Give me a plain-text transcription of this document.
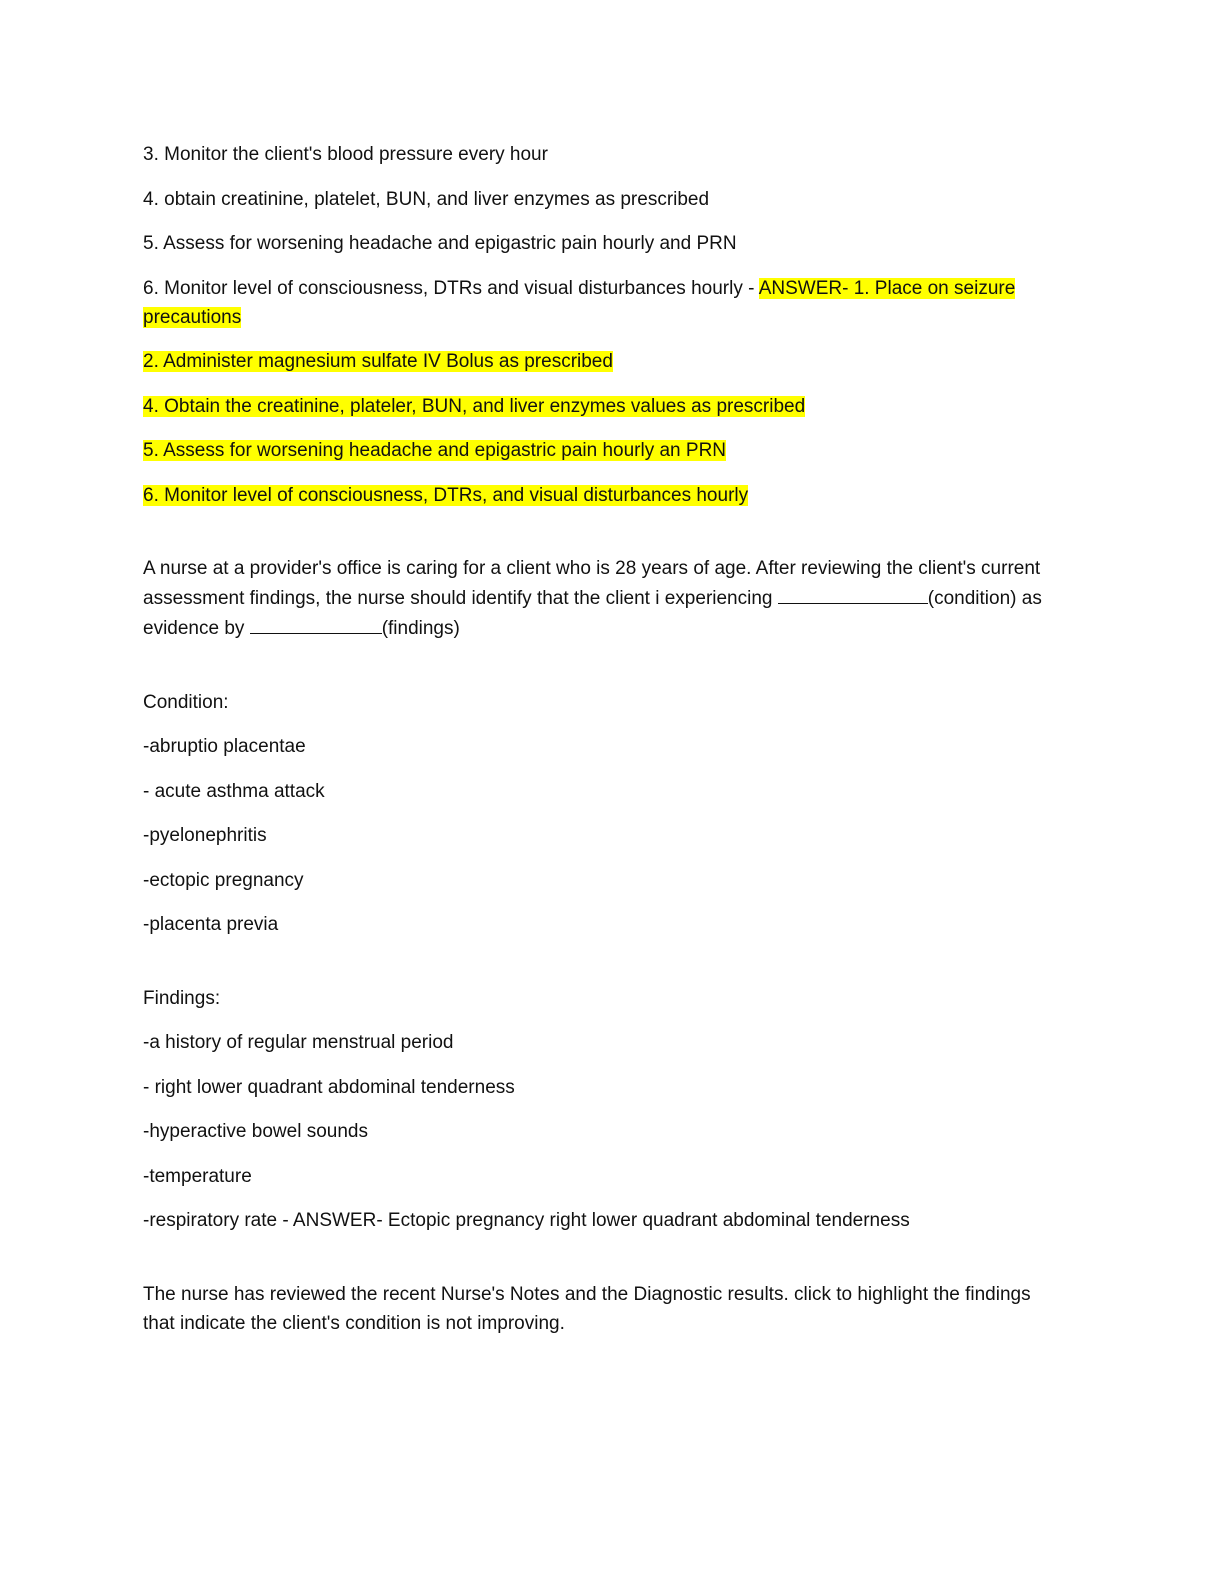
3. Monitor the client's blood pressure every hour

4. obtain creatinine, platelet, BUN, and liver enzymes as prescribed

5. Assess for worsening headache and epigastric pain hourly and PRN

6. Monitor level of consciousness, DTRs and visual disturbances hourly - ANSWER- 1. Place on seizure precautions

2. Administer magnesium sulfate IV Bolus as prescribed

4. Obtain the creatinine, plateler, BUN, and liver enzymes values as prescribed

5. Assess for worsening headache and epigastric pain hourly an PRN

6. Monitor level of consciousness, DTRs, and visual disturbances hourly

A nurse at a provider's office is caring for a client who is 28 years of age. After reviewing the client's current assessment findings, the nurse should identify that the client i experiencing	(condition) as evidence by	(findings)

Condition:

-abruptio placentae

- acute asthma attack

-pyelonephritis

-ectopic pregnancy

-placenta previa

Findings:

-a history of regular menstrual period

- right lower quadrant abdominal tenderness

-hyperactive bowel sounds

-temperature

-respiratory rate - ANSWER- Ectopic pregnancy right lower quadrant abdominal tenderness

The nurse has reviewed the recent Nurse's Notes and the Diagnostic results. click to highlight the findings that indicate the client's condition is not improving.
